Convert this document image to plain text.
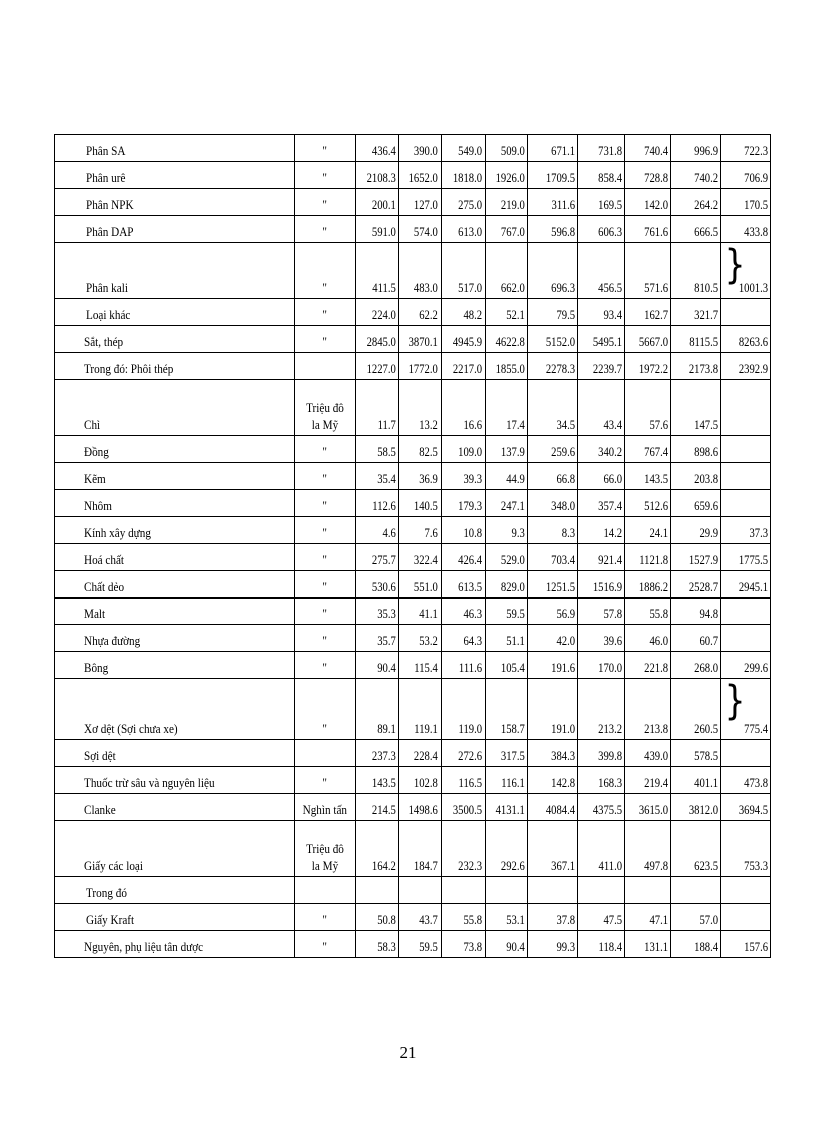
Phân SA	"	436.4	390.0	549.0	509.0	671.1	731.8	740.4	996.9	722.3
Phân urê	"	2108.3	1652.0	1818.0	1926.0	1709.5	858.4	728.8	740.2	706.9
Phân NPK	"	200.1	127.0	275.0	219.0	311.6	169.5	142.0	264.2	170.5
Phân DAP	"	591.0	574.0	613.0	767.0	596.8	606.3	761.6	666.5	433.8
Phân kali	"	411.5	483.0	517.0	662.0	696.3	456.5	571.6	810.5	1001.3
}

Loại khác	"	224.0	62.2	48.2	52.1	79.5	93.4	162.7	321.7	
Sắt, thép	"	2845.0	3870.1	4945.9	4622.8	5152.0	5495.1	5667.0	8115.5	8263.6
Trong đó: Phôi thép		1227.0	1772.0	2217.0	1855.0	2278.3	2239.7	1972.2	2173.8	2392.9
Chì	Triệu đô la Mỹ	11.7	13.2	16.6	17.4	34.5	43.4	57.6	147.5	
Đồng	"	58.5	82.5	109.0	137.9	259.6	340.2	767.4	898.6	
Kẽm	"	35.4	36.9	39.3	44.9	66.8	66.0	143.5	203.8	
Nhôm	"	112.6	140.5	179.3	247.1	348.0	357.4	512.6	659.6	
Kính xây dựng	"	4.6	7.6	10.8	9.3	8.3	14.2	24.1	29.9	37.3
Hoá chất	"	275.7	322.4	426.4	529.0	703.4	921.4	1121.8	1527.9	1775.5
Chất dẻo	"	530.6	551.0	613.5	829.0	1251.5	1516.9	1886.2	2528.7	2945.1
Malt	"	35.3	41.1	46.3	59.5	56.9	57.8	55.8	94.8	
Nhựa đường	"	35.7	53.2	64.3	51.1	42.0	39.6	46.0	60.7	
Bông	"	90.4	115.4	111.6	105.4	191.6	170.0	221.8	268.0	299.6
Xơ dệt (Sợi chưa xe)	"	89.1	119.1	119.0	158.7	191.0	213.2	213.8	260.5	775.4
}

Sợi dệt		237.3	228.4	272.6	317.5	384.3	399.8	439.0	578.5	
Thuốc trừ sâu và nguyên liệu	"	143.5	102.8	116.5	116.1	142.8	168.3	219.4	401.1	473.8
Clanke	Nghìn tấn	214.5	1498.6	3500.5	4131.1	4084.4	4375.5	3615.0	3812.0	3694.5
Giấy các loại	Triệu đô la Mỹ	164.2	184.7	232.3	292.6	367.1	411.0	497.8	623.5	753.3
Trong đó										
Giấy Kraft	"	50.8	43.7	55.8	53.1	37.8	47.5	47.1	57.0	
Nguyên, phụ liệu tân dược	"	58.3	59.5	73.8	90.4	99.3	118.4	131.1	188.4	157.6
21
